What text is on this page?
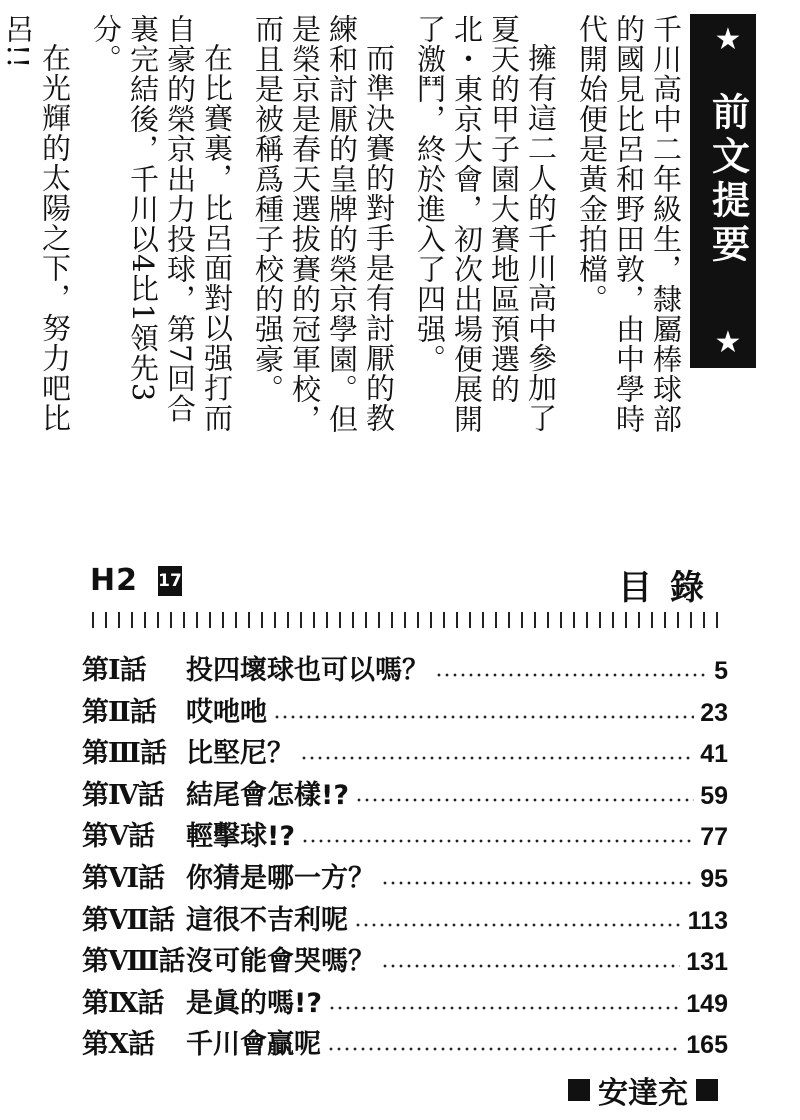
★
前文提要
★

千川高中二年級生，隸屬棒球部的國見比呂和野田敦，由中學時代開始便是黃金拍檔。

擁有這二人的千川高中參加了夏天的甲子園大賽地區預選的北・東京大會，初次出場便展開了激鬥，終於進入了四强。

而準決賽的對手是有討厭的教練和討厭的皇牌的榮京學園。但是榮京是春天選拔賽的冠軍校，而且是被稱爲種子校的强豪。

在比賽裏，比呂面對以强打而自豪的榮京出力投球，第7回合裏完結後，千川以4比1領先3分。

在光輝的太陽之下，努力吧比呂!!

H2 17	目錄
第Ⅰ話	投四壞球也可以嗎？	5
第Ⅱ話	哎吔吔	23
第Ⅲ話 比堅尼？	41
第Ⅳ話 結尾會怎樣!?	59
第Ⅴ話	輕擊球!?	77
第Ⅵ話 你猜是哪一方？	95
第Ⅶ話 這很不吉利呢	113
第Ⅷ話 沒可能會哭嗎？	131
第Ⅸ話 是眞的嗎!?	149
第Ⅹ話	千川會贏呢	165
安達充
